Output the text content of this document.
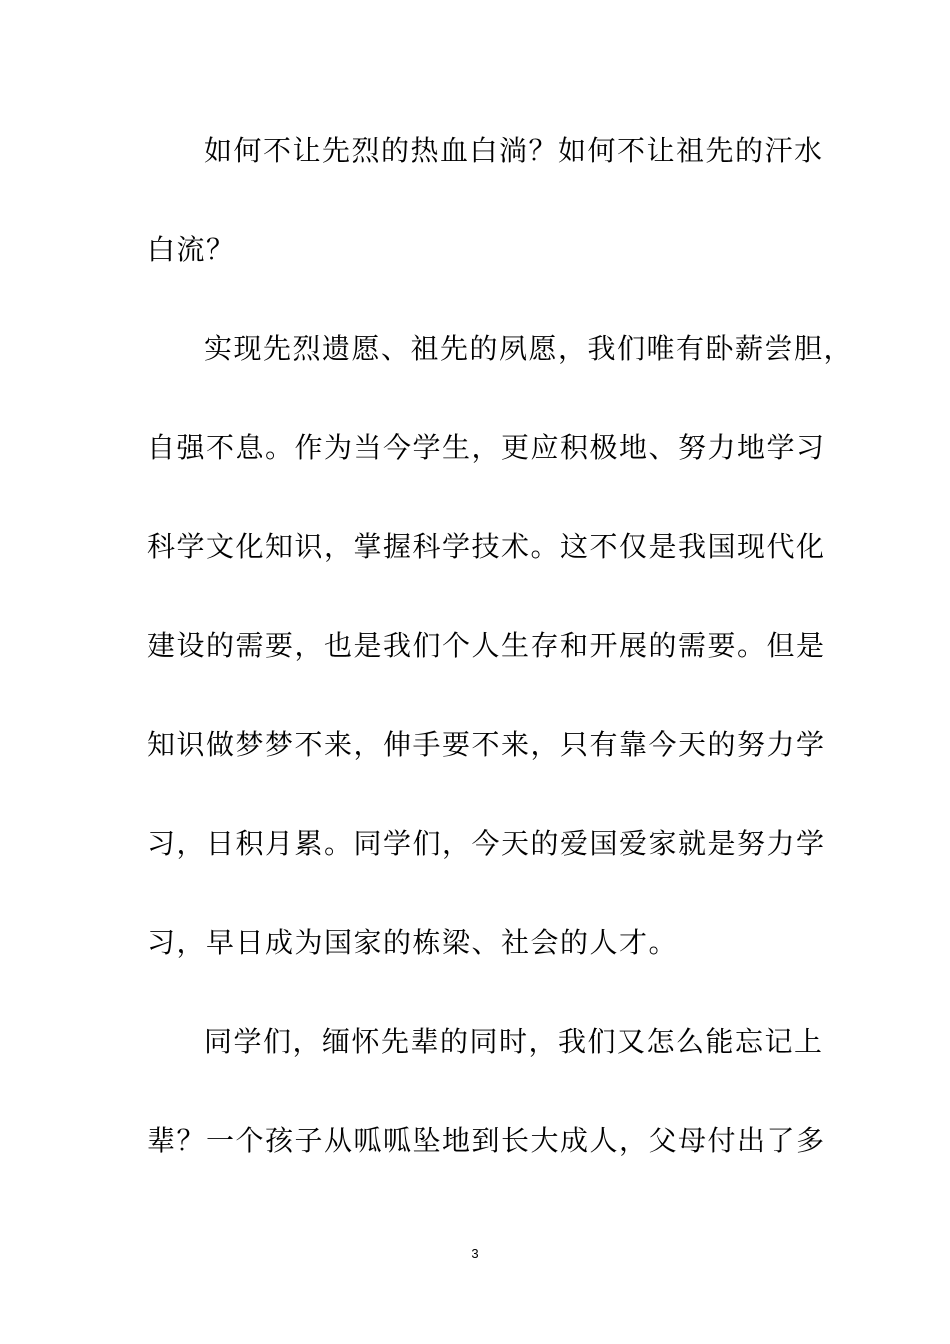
如何不让先烈的热血白淌？如何不让祖先的汗水
白流？
实现先烈遗愿、祖先的夙愿，我们唯有卧薪尝胆，
自强不息。作为当今学生，更应积极地、努力地学习
科学文化知识，掌握科学技术。这不仅是我国现代化
建设的需要，也是我们个人生存和开展的需要。但是
知识做梦梦不来，伸手要不来，只有靠今天的努力学
习，日积月累。同学们，今天的爱国爱家就是努力学
习，早日成为国家的栋梁、社会的人才。
同学们，缅怀先辈的同时，我们又怎么能忘记上
辈？一个孩子从呱呱坠地到长大成人，父母付出了多
3
